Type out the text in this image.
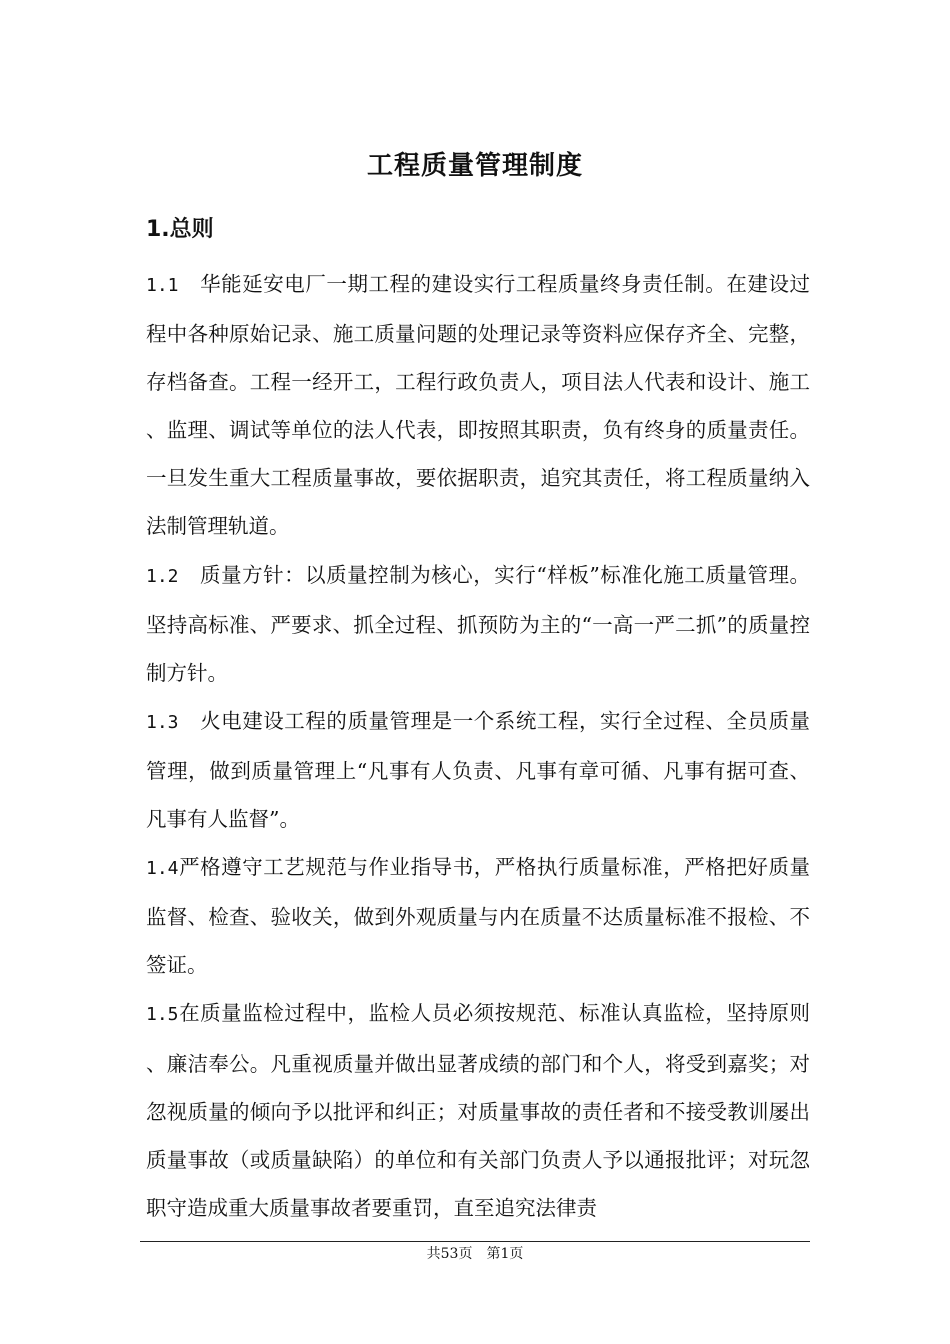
工程质量管理制度
1.总则

1.1　华能延安电厂一期工程的建设实行工程质量终身责任制。在建设过程中各种原始记录、施工质量问题的处理记录等资料应保存齐全、完整，存档备查。工程一经开工，工程行政负责人，项目法人代表和设计、施工、监理、调试等单位的法人代表，即按照其职责，负有终身的质量责任。一旦发生重大工程质量事故，要依据职责，追究其责任，将工程质量纳入法制管理轨道。

1.2　质量方针：以质量控制为核心，实行“样板”标准化施工质量管理。坚持高标准、严要求、抓全过程、抓预防为主的“一高一严二抓”的质量控制方针。

1.3　火电建设工程的质量管理是一个系统工程，实行全过程、全员质量管理，做到质量管理上“凡事有人负责、凡事有章可循、凡事有据可查、凡事有人监督”。

1.4严格遵守工艺规范与作业指导书，严格执行质量标准，严格把好质量监督、检查、验收关，做到外观质量与内在质量不达质量标准不报检、不签证。

1.5在质量监检过程中，监检人员必须按规范、标准认真监检，坚持原则、廉洁奉公。凡重视质量并做出显著成绩的部门和个人，将受到嘉奖；对忽视质量的倾向予以批评和纠正；对质量事故的责任者和不接受教训屡出质量事故（或质量缺陷）的单位和有关部门负责人予以通报批评；对玩忽职守造成重大质量事故者要重罚，直至追究法律责

共53页　第1页
